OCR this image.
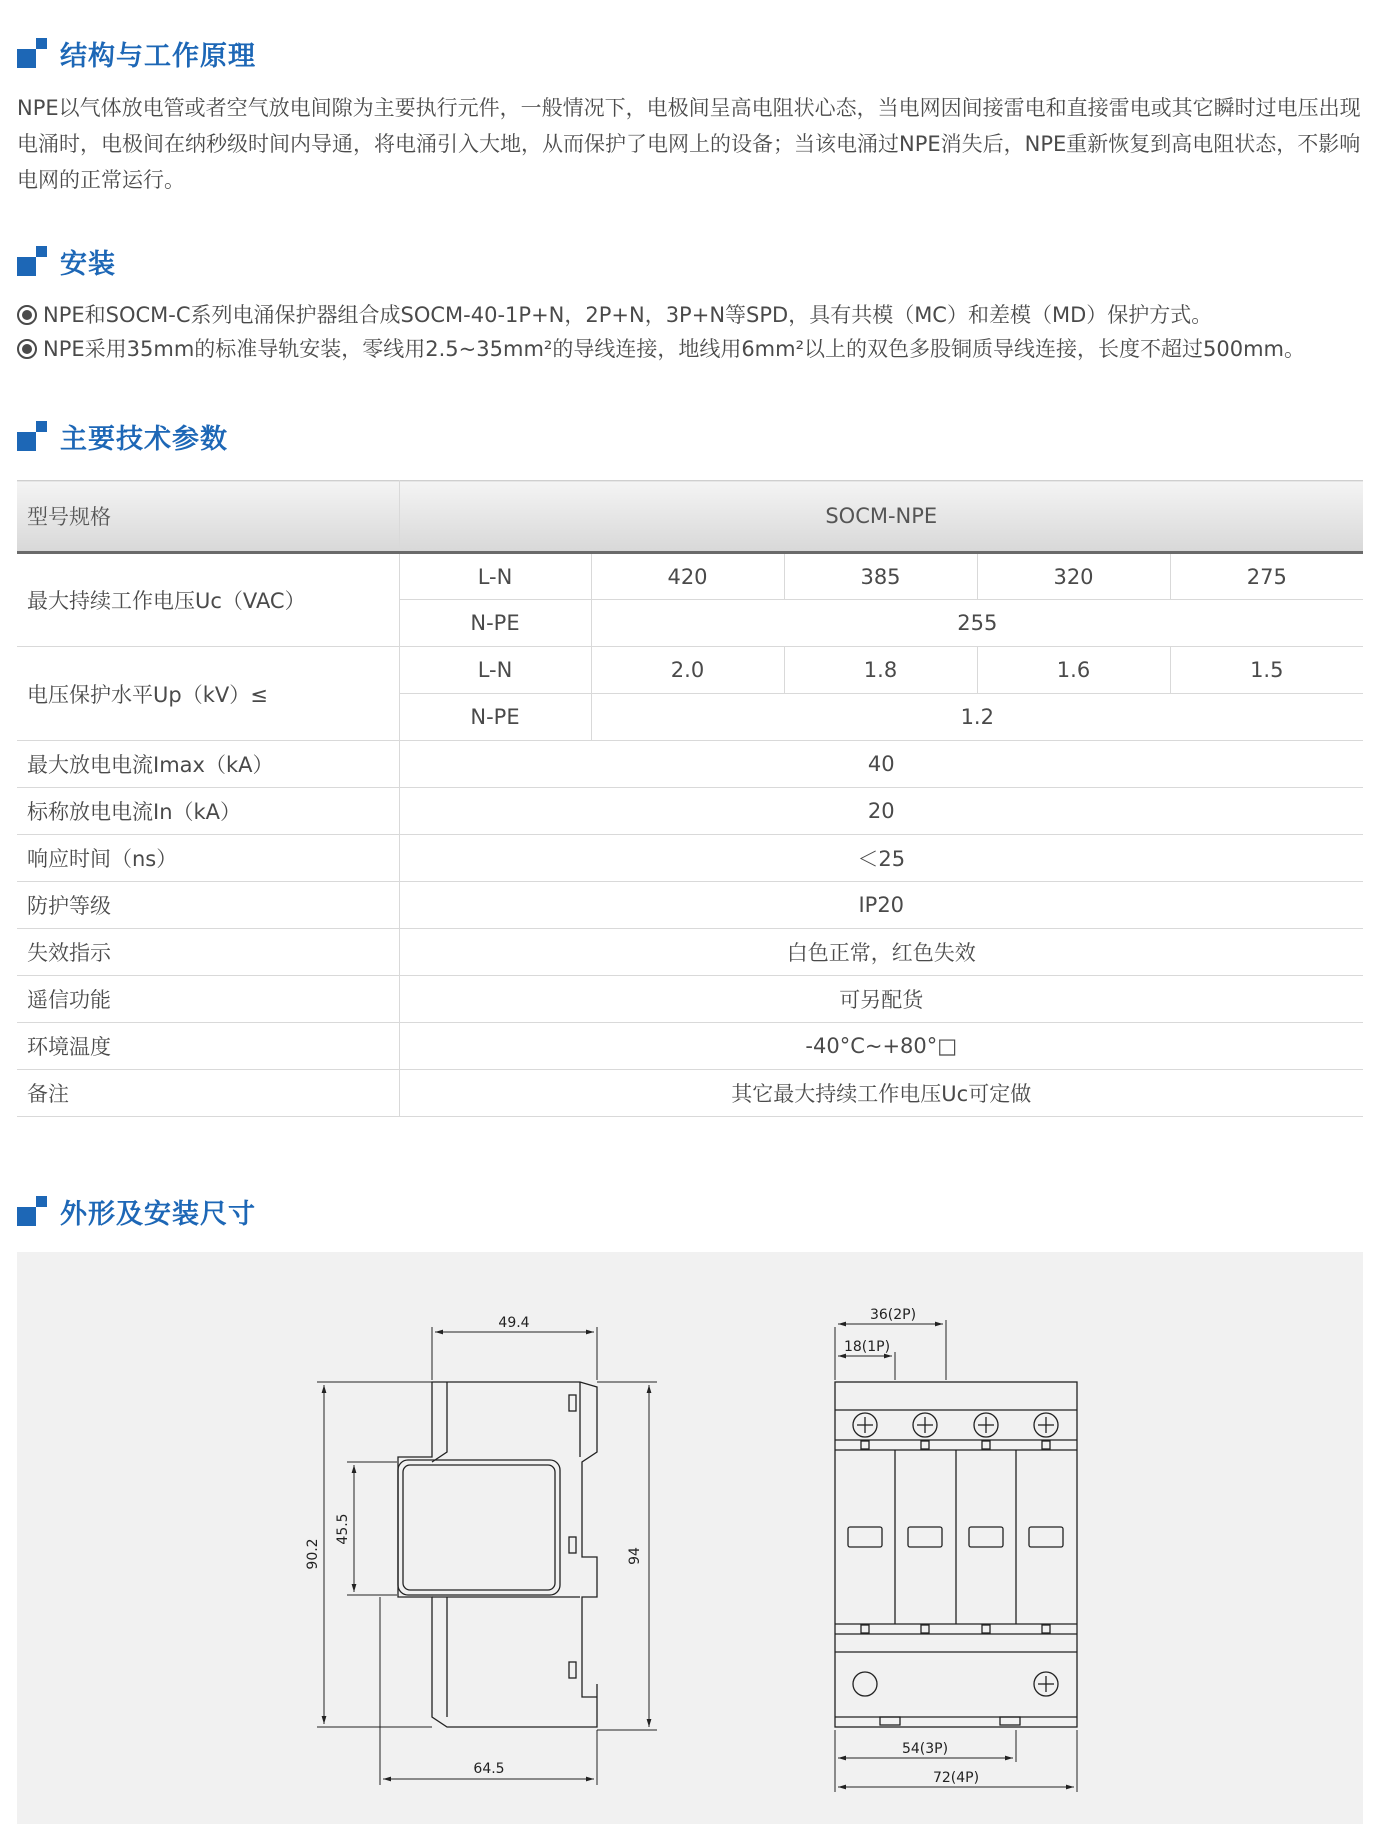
结构与工作原理
NPE以气体放电管或者空气放电间隙为主要执行元件，一般情况下，电极间呈高电阻状心态，当电网因间接雷电和直接雷电或其它瞬时过电压出现电涌时，电极间在纳秒级时间内导通，将电涌引入大地，从而保护了电网上的设备；当该电涌过NPE消失后，NPE重新恢复到高电阻状态，不影响电网的正常运行。
安装
NPE和SOCM-C系列电涌保护器组合成SOCM-40-1P+N，2P+N，3P+N等SPD，具有共模（MC）和差模（MD）保护方式。
NPE采用35mm的标准导轨安装，零线用2.5~35mm²的导线连接，地线用6mm²以上的双色多股铜质导线连接，长度不超过500mm。
主要技术参数
型号规格	SOCM-NPE				
最大持续工作电压Uc（VAC）	L-N	420	385	320	275
	N-PE	255			
电压保护水平Up（kV）≤	L-N	2.0	1.8	1.6	1.5
	N-PE	1.2			
最大放电电流Imax（kA）	40				
标称放电电流In（kA）	20				
响应时间（ns）	＜25				
防护等级	IP20				
失效指示	白色正常，红色失效				
遥信功能	可另配货				
环境温度	-40°C~+80°□				
备注	其它最大持续工作电压Uc可定做				
外形及安装尺寸
49.4
90.2
45.5
94
64.5
36(2P)
18(1P)
54(3P)
72(4P)
